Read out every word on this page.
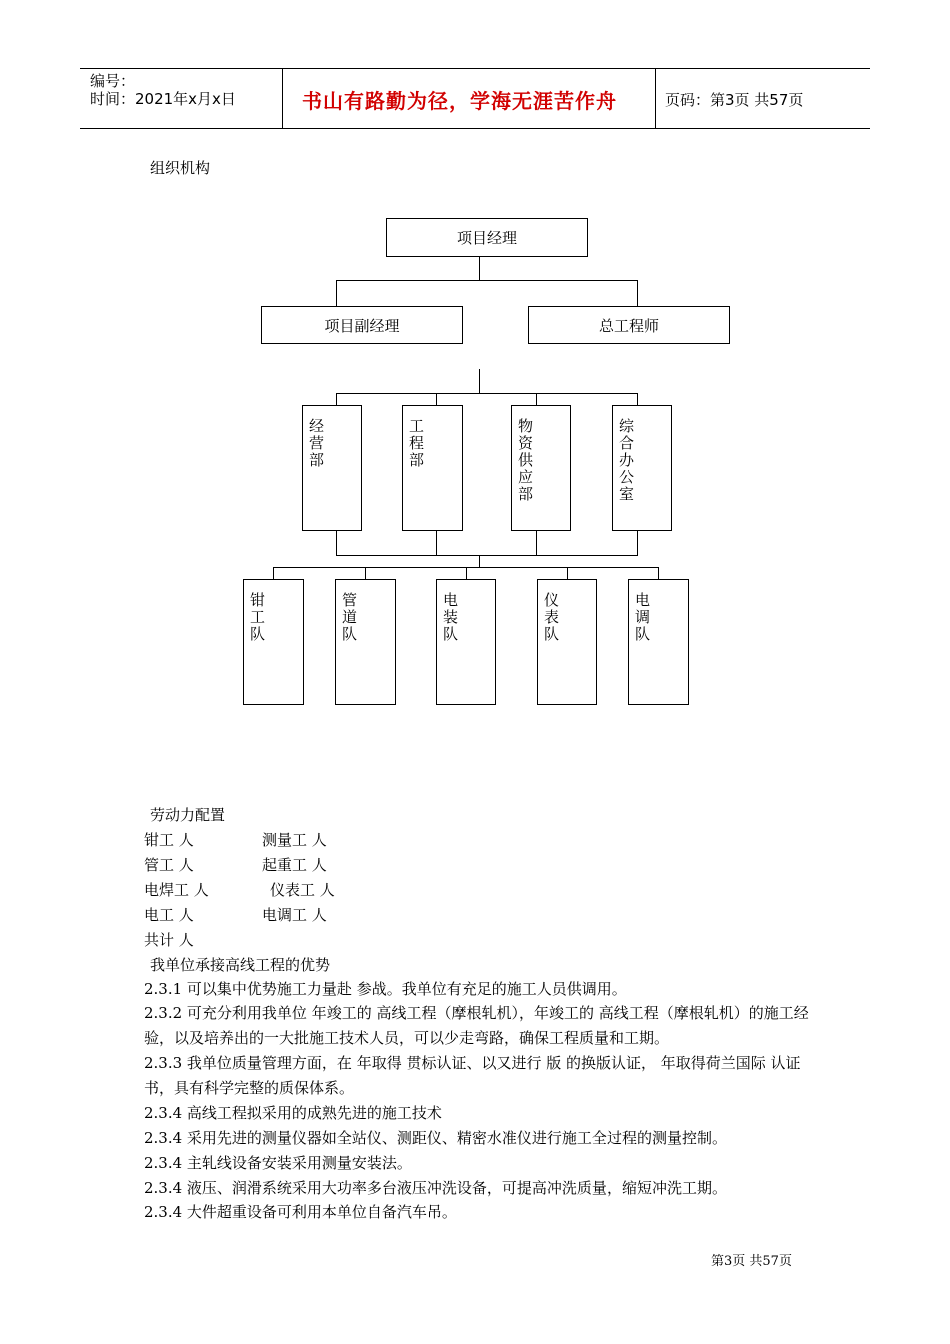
编号：
时间：2021年x月x日	书山有路勤为径，学海无涯苦作舟	页码：第3页 共57页
组织机构
项目经理
项目副经理	总工程师
经营部
工程部
物资供应部
综合办公室
钳工队
管道队
电装队
仪表队
电调队
劳动力配置
钳工 人	测量工 人
管工 人	起重工 人
电焊工 人	仪表工 人
电工 人	电调工 人
共计 人
我单位承接高线工程的优势
2.3.1 可以集中优势施工力量赴 参战。我单位有充足的施工人员供调用。
2.3.2 可充分利用我单位 年竣工的 高线工程（摩根轧机），年竣工的 高线工程（摩根轧机）的施工经验，以及培养出的一大批施工技术人员，可以少走弯路，确保工程质量和工期。
2.3.3 我单位质量管理方面，在 年取得 贯标认证、以又进行 版 的换版认证， 年取得荷兰国际 认证书，具有科学完整的质保体系。
2.3.4 高线工程拟采用的成熟先进的施工技术
2.3.4 采用先进的测量仪器如全站仪、测距仪、精密水准仪进行施工全过程的测量控制。
2.3.4 主轧线设备安装采用测量安装法。
2.3.4 液压、润滑系统采用大功率多台液压冲洗设备，可提高冲洗质量，缩短冲洗工期。
2.3.4 大件超重设备可利用本单位自备汽车吊。
第3页 共57页
